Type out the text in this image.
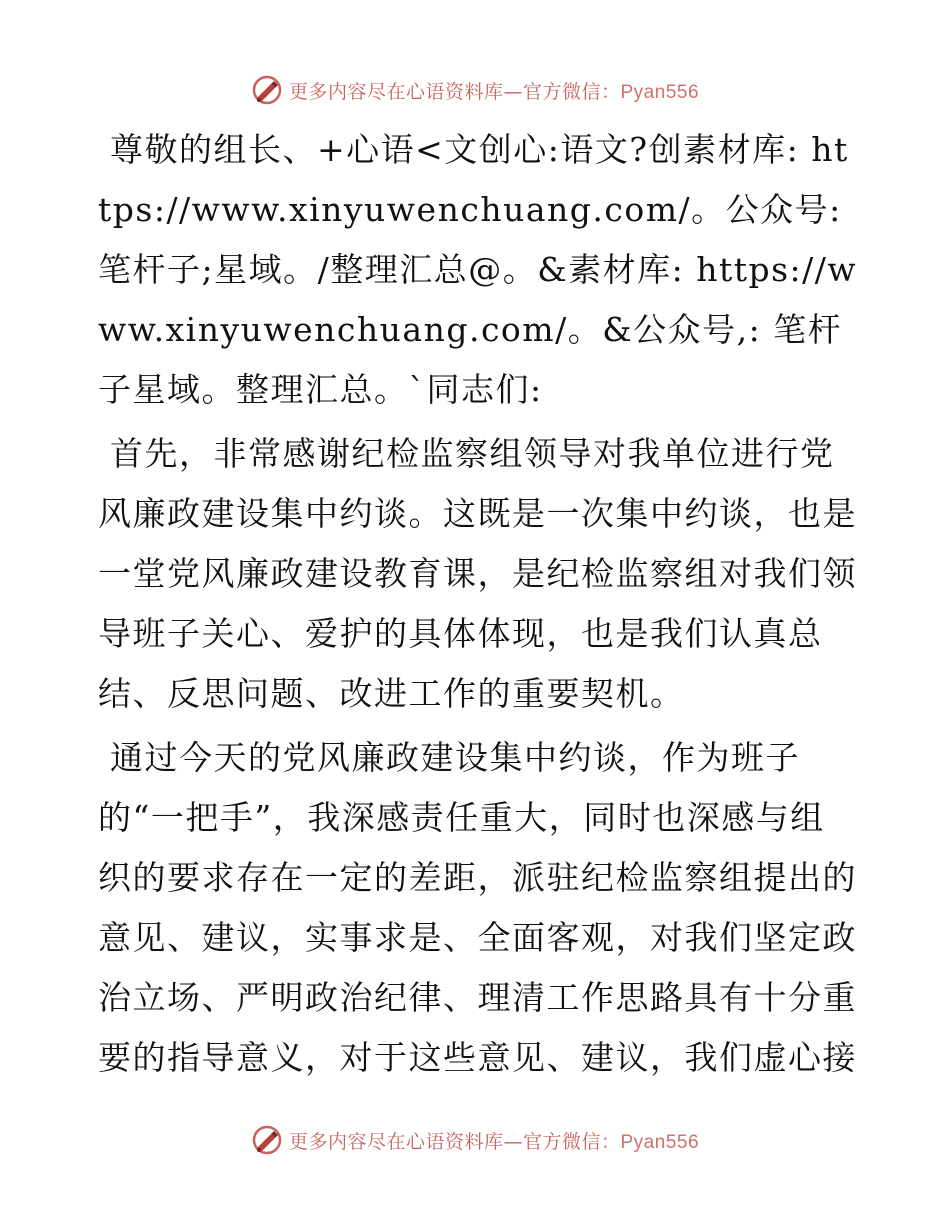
更多内容尽在心语资料库—官方微信：Pyan556

尊敬的组长、+心语<文创心:语文?创素材库: https://www.xinyuwenchuang.com/。公众号: 笔杆子;星域。/整理汇总@。&素材库: https://www.xinyuwenchuang.com/。&公众号,: 笔杆子星域。整理汇总。`同志们:

首先，非常感谢纪检监察组领导对我单位进行党风廉政建设集中约谈。这既是一次集中约谈，也是一堂党风廉政建设教育课，是纪检监察组对我们领导班子关心、爱护的具体体现，也是我们认真总结、反思问题、改进工作的重要契机。

通过今天的党风廉政建设集中约谈，作为班子的“一把手”，我深感责任重大，同时也深感与组织的要求存在一定的差距，派驻纪检监察组提出的意见、建议，实事求是、全面客观，对我们坚定政治立场、严明政治纪律、理清工作思路具有十分重要的指导意义，对于这些意见、建议，我们虚心接

更多内容尽在心语资料库—官方微信：Pyan556
